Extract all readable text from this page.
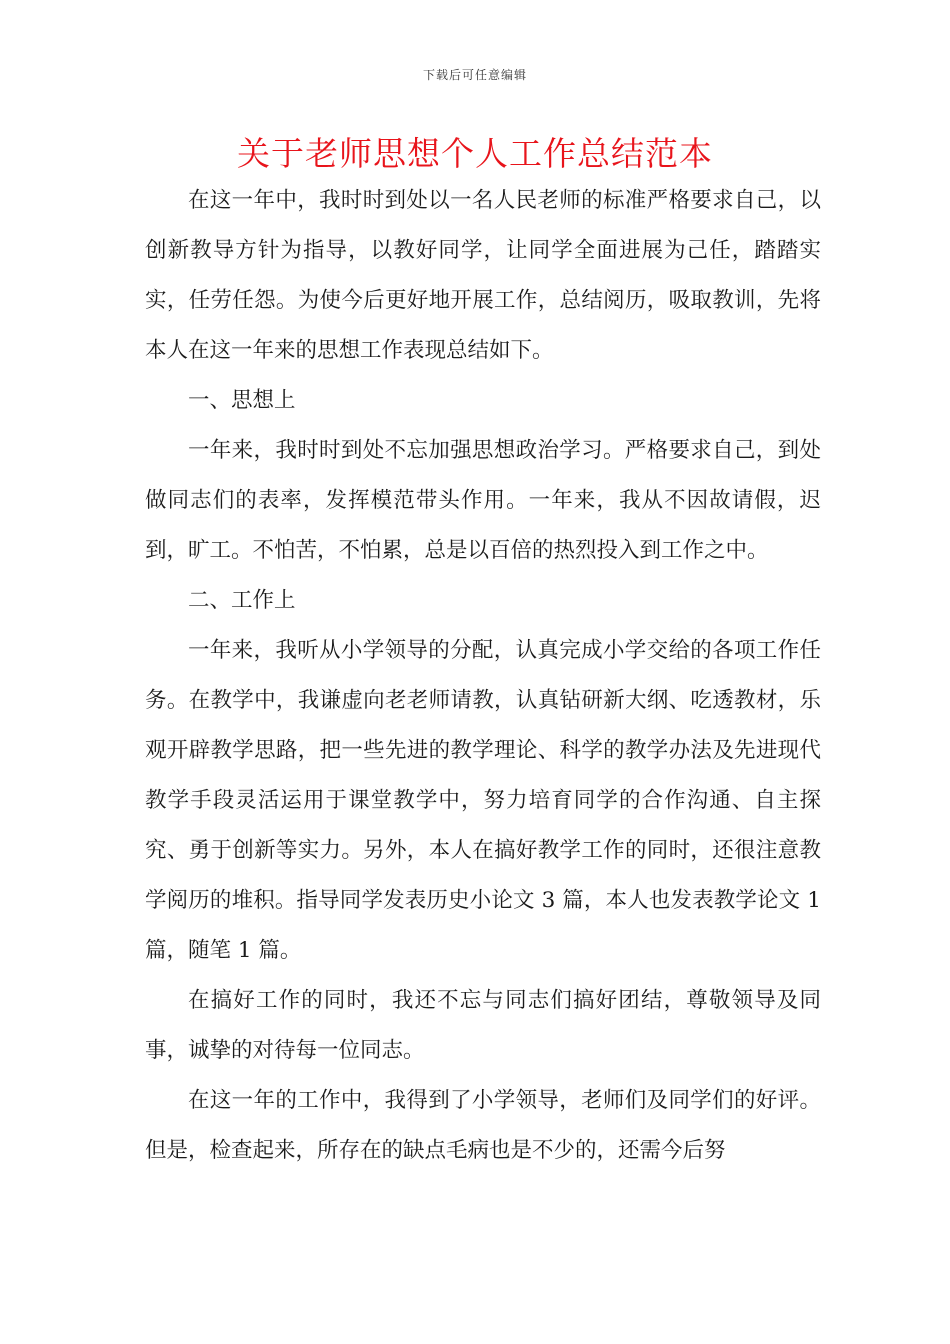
下载后可任意编辑
关于老师思想个人工作总结范本

在这一年中，我时时到处以一名人民老师的标准严格要求自己，以创新教导方针为指导，以教好同学，让同学全面进展为己任，踏踏实实，任劳任怨。为使今后更好地开展工作，总结阅历，吸取教训，先将本人在这一年来的思想工作表现总结如下。

一、思想上

一年来，我时时到处不忘加强思想政治学习。严格要求自己，到处做同志们的表率，发挥模范带头作用。一年来，我从不因故请假，迟到，旷工。不怕苦，不怕累，总是以百倍的热烈投入到工作之中。

二、工作上

一年来，我听从小学领导的分配，认真完成小学交给的各项工作任务。在教学中，我谦虚向老老师请教，认真钻研新大纲、吃透教材，乐观开辟教学思路，把一些先进的教学理论、科学的教学办法及先进现代教学手段灵活运用于课堂教学中，努力培育同学的合作沟通、自主探究、勇于创新等实力。另外，本人在搞好教学工作的同时，还很注意教学阅历的堆积。指导同学发表历史小论文 3 篇，本人也发表教学论文 1 篇，随笔 1 篇。

在搞好工作的同时，我还不忘与同志们搞好团结，尊敬领导及同事，诚挚的对待每一位同志。

在这一年的工作中，我得到了小学领导，老师们及同学们的好评。但是，检查起来，所存在的缺点毛病也是不少的，还需今后努
